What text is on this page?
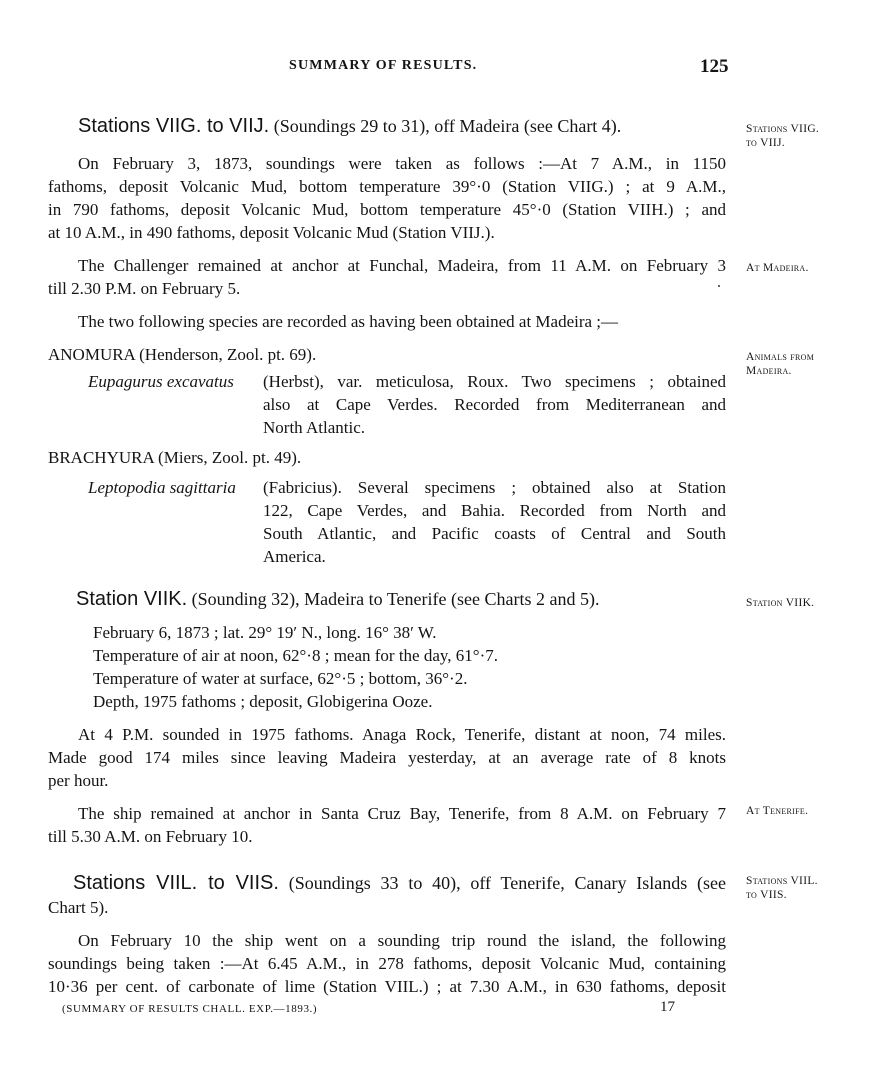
SUMMARY OF RESULTS.	125
Stations VIIG. to VIIJ. (Soundings 29 to 31), off Madeira (see Chart 4).
On February 3, 1873, soundings were taken as follows :—At 7 A.M., in 1150
fathoms, deposit Volcanic Mud, bottom temperature 39°·0 (Station VIIG.) ; at 9 A.M.,
in 790 fathoms, deposit Volcanic Mud, bottom temperature 45°·0 (Station VIIH.) ; and
at 10 A.M., in 490 fathoms, deposit Volcanic Mud (Station VIIJ.).
The Challenger remained at anchor at Funchal, Madeira, from 11 A.M. on February 3
till 2.30 P.M. on February 5.
The two following species are recorded as having been obtained at Madeira ;—
ANOMURA (Henderson, Zool. pt. 69).
Eupagurus excavatus (Herbst), var. meticulosa, Roux. Two specimens ; obtained
also at Cape Verdes. Recorded from Mediterranean and
North Atlantic.
BRACHYURA (Miers, Zool. pt. 49).
Leptopodia sagittaria (Fabricius). Several specimens ; obtained also at Station
122, Cape Verdes, and Bahia. Recorded from North and
South Atlantic, and Pacific coasts of Central and South
America.
Station VIIK. (Sounding 32), Madeira to Tenerife (see Charts 2 and 5).
February 6, 1873 ; lat. 29° 19′ N., long. 16° 38′ W.
Temperature of air at noon, 62°·8 ; mean for the day, 61°·7.
Temperature of water at surface, 62°·5 ; bottom, 36°·2.
Depth, 1975 fathoms ; deposit, Globigerina Ooze.
At 4 P.M. sounded in 1975 fathoms. Anaga Rock, Tenerife, distant at noon, 74 miles.
Made good 174 miles since leaving Madeira yesterday, at an average rate of 8 knots
per hour.
The ship remained at anchor in Santa Cruz Bay, Tenerife, from 8 A.M. on February 7
till 5.30 A.M. on February 10.
Stations VIIL. to VIIS. (Soundings 33 to 40), off Tenerife, Canary Islands (see
Chart 5).
On February 10 the ship went on a sounding trip round the island, the following
soundings being taken :—At 6.45 A.M., in 278 fathoms, deposit Volcanic Mud, containing
10·36 per cent. of carbonate of lime (Station VIIL.) ; at 7.30 A.M., in 630 fathoms, deposit
Stations VIIG.
to VIIJ.
At Madeira.
Animals from
Madeira.
Station VIIK.
At Tenerife.
Stations VIIL.
to VIIS.
(SUMMARY OF RESULTS CHALL. EXP.—1893.)	17
